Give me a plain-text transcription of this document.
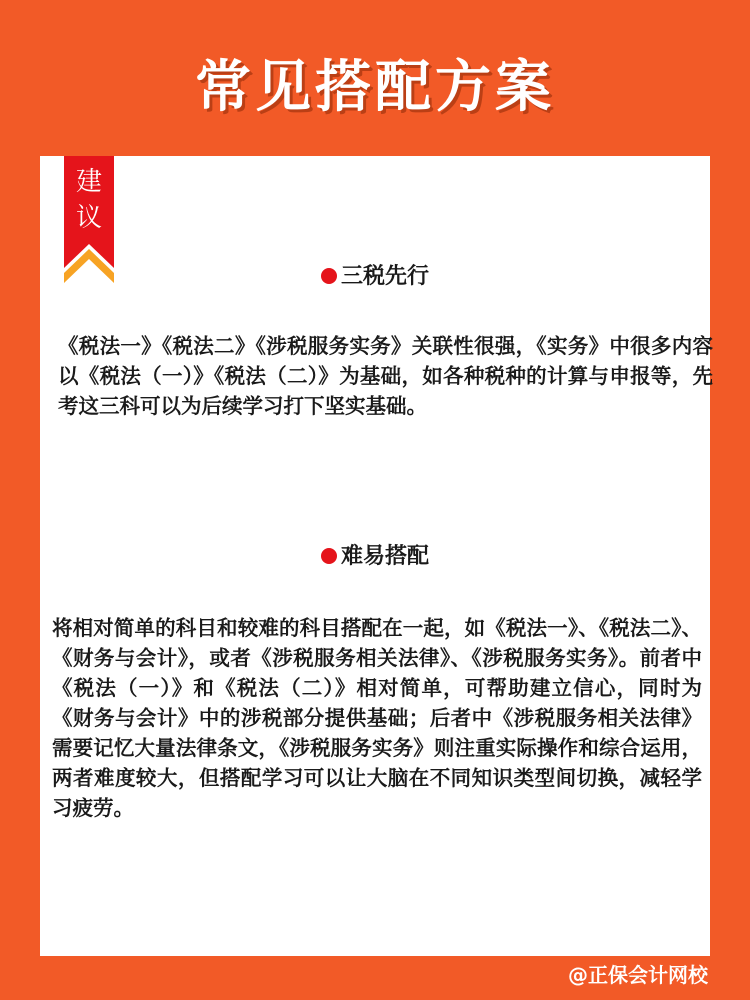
常见搭配方案
建
议
三税先行
《税法一》《税法二》《涉税服务实务》关联性很强，《实务》中很多内容以《税法（一）》《税法（二）》为基础，如各种税种的计算与申报等，先考这三科可以为后续学习打下坚实基础。
难易搭配
将相对简单的科目和较难的科目搭配在一起，如《税法一》、《税法二》、《财务与会计》，或者《涉税服务相关法律》、《涉税服务实务》。前者中《税法（一）》和《税法（二）》相对简单，可帮助建立信心，同时为《财务与会计》中的涉税部分提供基础；后者中《涉税服务相关法律》需要记忆大量法律条文，《涉税服务实务》则注重实际操作和综合运用，两者难度较大，但搭配学习可以让大脑在不同知识类型间切换，减轻学习疲劳。
@正保会计网校
